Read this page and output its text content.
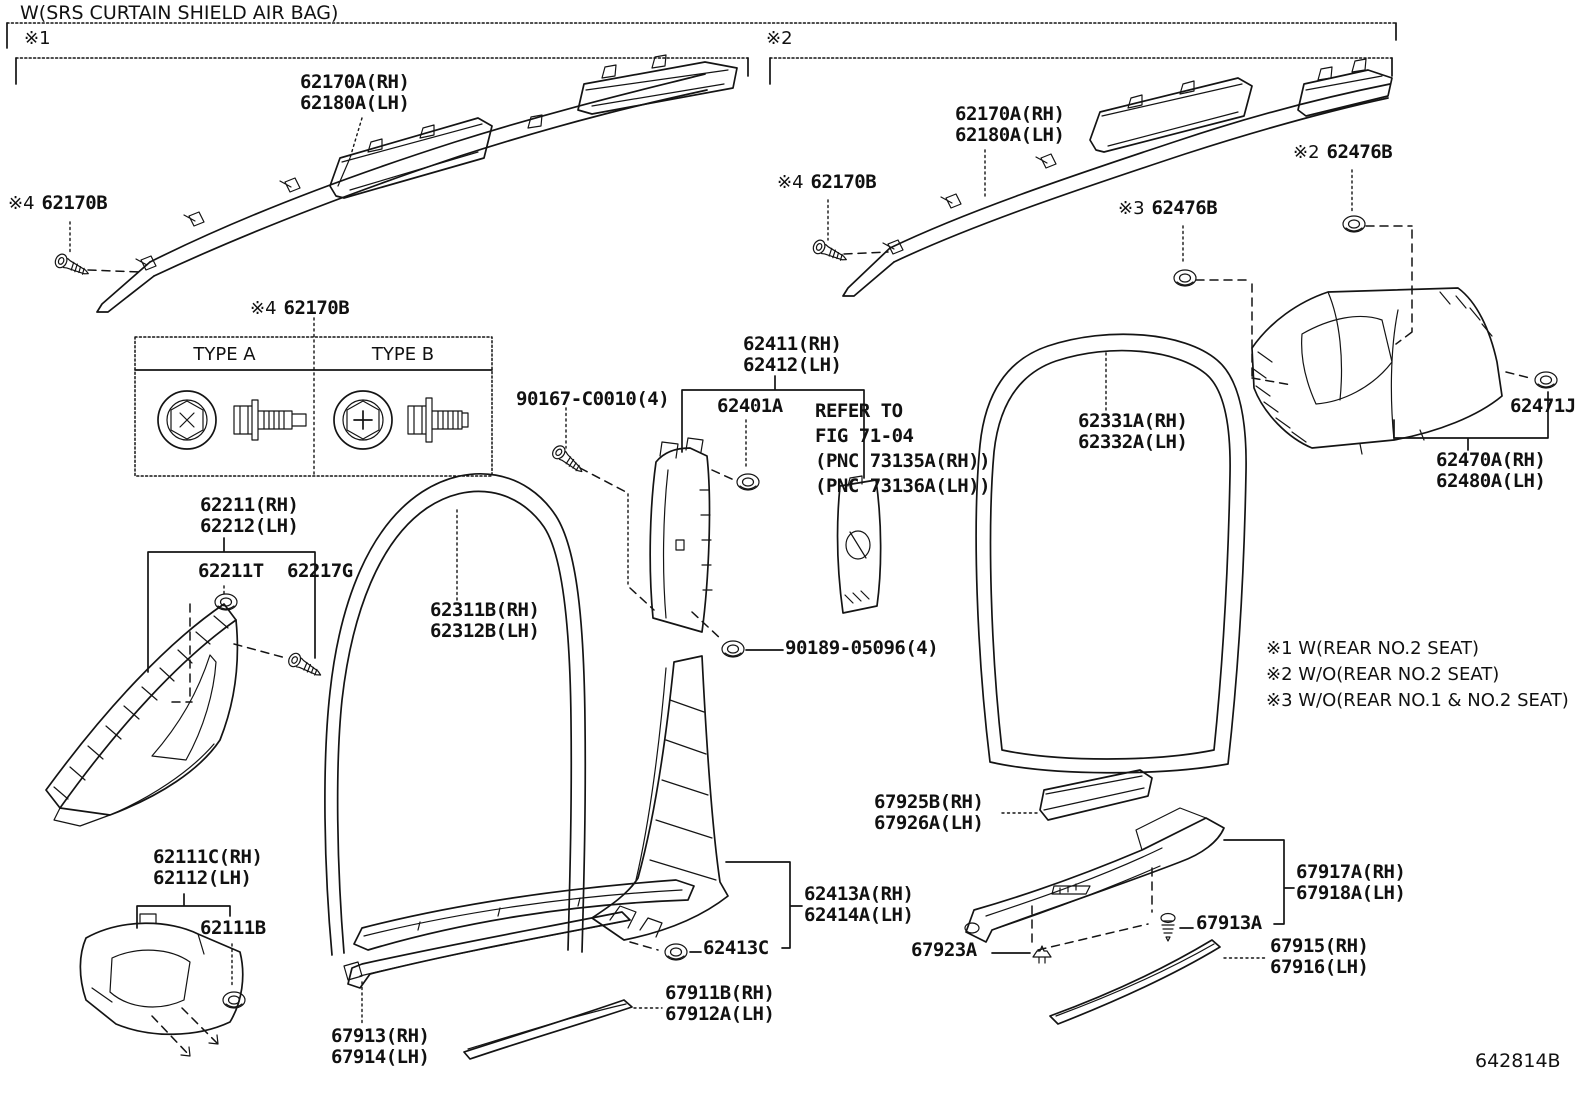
W(SRS CURTAIN SHIELD AIR BAG)
※1	※2
62170A(RH)
62180A(LH)	62170A(RH)
62180A(LH)
※4 62170B
※4 62170B
※4 62170B
※2 62476B
※3 62476B
TYPE A	TYPE B
90167-C0010(4)
62411(RH)
62412(LH)
62401A REFER TO
FIG 71-04
(PNC 73135A(RH))
(PNC 73136A(LH))
62331A(RH)
62332A(LH)
62471J
62470A(RH)
62480A(LH)
62211(RH)
62212(LH)
62211T 62217G
62311B(RH)
62312B(LH)
90189-05096(4)	※1 W(REAR NO.2 SEAT)
※2 W/O(REAR NO.2 SEAT)
※3 W/O(REAR NO.1 & NO.2 SEAT)
67925B(RH)
67926A(LH)
62111C(RH)
62112(LH)
62111B
62413A(RH)
62414A(LH)
67917A(RH)
67918A(LH)
67913A
67923A
62413C	67915(RH)
67916(LH)
67911B(RH)
67912A(LH)
67913(RH)
67914(LH)	642814B
